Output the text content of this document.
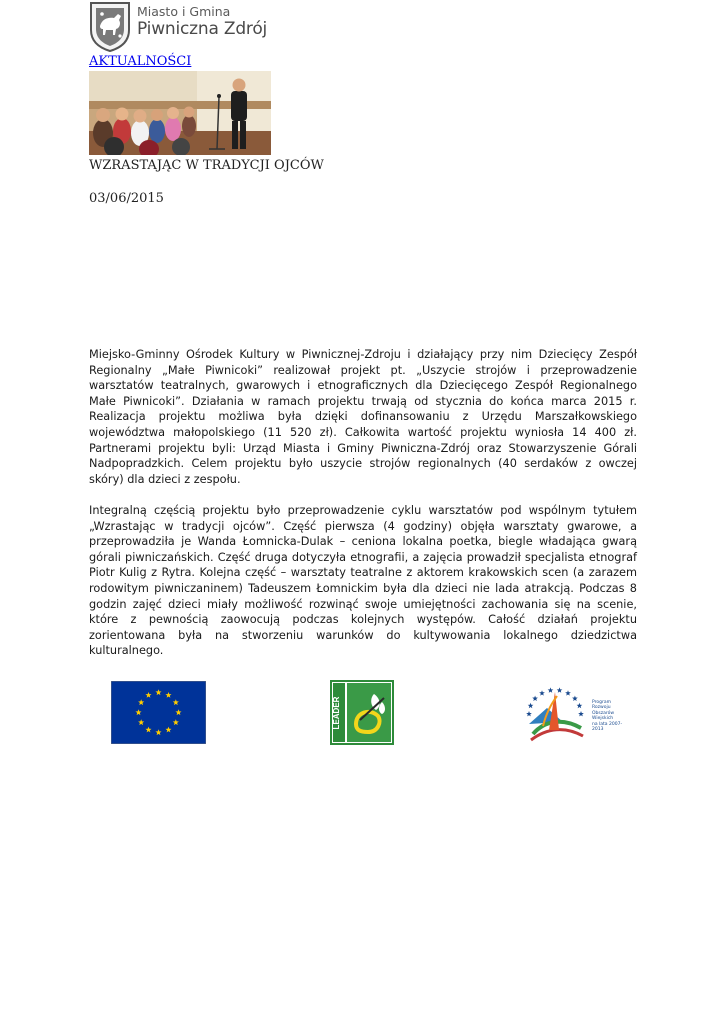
Miasto i Gmina
Piwniczna Zdrój
AKTUALNOŚCI
WZRASTAJĄC W TRADYCJI OJCÓW
03/06/2015

Miejsko-Gminny Ośrodek Kultury w Piwnicznej-Zdroju i działający przy nim Dziecięcy Zespół Regionalny „Małe Piwnicoki” realizował projekt pt. „Uszycie strojów i przeprowadzenie warsztatów teatralnych, gwarowych i etnograficznych dla Dziecięcego Zespół Regionalnego Małe Piwnicoki”. Działania w ramach projektu trwają od stycznia do końca marca 2015 r. Realizacja projektu możliwa była dzięki dofinansowaniu z Urzędu Marszałkowskiego województwa małopolskiego (11 520 zł). Całkowita wartość projektu wyniosła 14 400 zł. Partnerami projektu byli: Urząd Miasta i Gminy Piwniczna-Zdrój oraz Stowarzyszenie Górali Nadpopradzkich. Celem projektu było uszycie strojów regionalnych (40 serdaków z owczej skóry) dla dzieci z zespołu.

Integralną częścią projektu było przeprowadzenie cyklu warsztatów pod wspólnym tytułem „Wzrastając w tradycji ojców”. Część pierwsza (4 godziny) objęła warsztaty gwarowe, a przeprowadziła je Wanda Łomnicka-Dulak – ceniona lokalna poetka, biegle władająca gwarą górali piwniczańskich. Część druga dotyczyła etnografii, a zajęcia prowadził specjalista etnograf Piotr Kulig z Rytra. Kolejna część – warsztaty teatralne z aktorem krakowskich scen (a zarazem rodowitym piwniczaninem) Tadeuszem Łomnickim była dla dzieci nie lada atrakcją. Podczas 8 godzin zajęć dzieci miały możliwość rozwinąć swoje umiejętności zachowania się na scenie, które z pewnością zaowocują podczas kolejnych występów. Całość działań projektu zorientowana była na stworzeniu warunków do kultywowania lokalnego dziedzictwa kulturalnego.

LEADER	Program
Rozwoju
Obszarów
Wiejskich
na lata 2007-2013
